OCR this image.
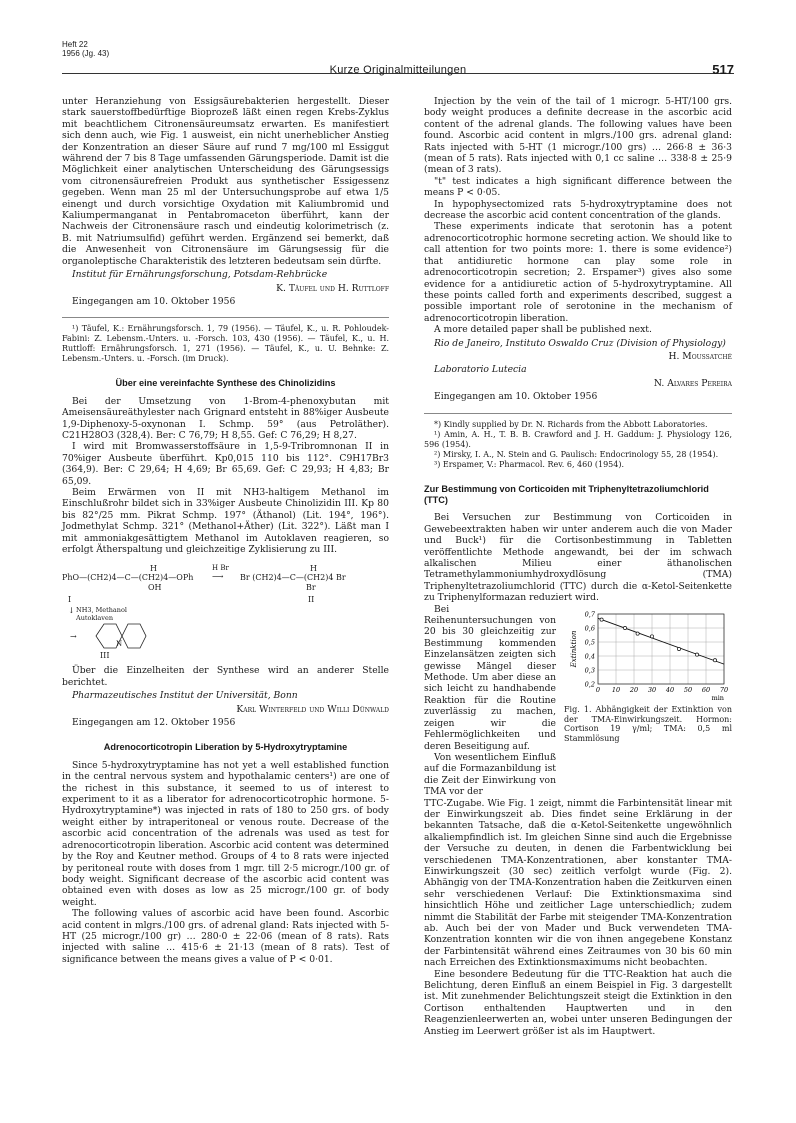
Heft 22
1956 (Jg. 43)
Kurze Originalmitteilungen	517

unter Heranziehung von Essigsäurebakterien hergestellt. Dieser stark sauerstoffbedürftige Bioprozeß läßt einen regen Krebs-Zyklus mit beachtlichem Citronensäureumsatz erwarten. Es manifestiert sich denn auch, wie Fig. 1 ausweist, ein nicht unerheblicher Anstieg der Konzentration an dieser Säure auf rund 7 mg/100 ml Essiggut während der 7 bis 8 Tage umfassenden Gärungsperiode. Damit ist die Möglichkeit einer analytischen Unterscheidung des Gärungsessigs vom citronensäurefreien Produkt aus synthetischer Essigessenz gegeben. Wenn man 25 ml der Untersuchungsprobe auf etwa 1/5 einengt und durch vorsichtige Oxydation mit Kaliumbromid und Kaliumpermanganat in Pentabromaceton überführt, kann der Nachweis der Citronensäure rasch und eindeutig kolorimetrisch (z. B. mit Natriumsulfid) geführt werden. Ergänzend sei bemerkt, daß die Anwesenheit von Citronensäure im Gärungsessig für die organoleptische Charakteristik des letzteren bedeutsam sein dürfte.

Institut für Ernährungsforschung, Potsdam-Rehbrücke

K. Täufel und H. Ruttloff
Eingegangen am 10. Oktober 1956

¹) Täufel, K.: Ernährungsforsch. 1, 79 (1956). — Täufel, K., u. R. Pohloudek-Fabini: Z. Lebensm.-Unters. u. -Forsch. 103, 430 (1956). — Täufel, K., u. H. Ruttloff: Ernährungsforsch. 1, 271 (1956). — Täufel, K., u. U. Behnke: Z. Lebensm.-Unters. u. -Forsch. (im Druck).

Über eine vereinfachte Synthese des Chinolizidins

Bei der Umsetzung von 1-Brom-4-phenoxybutan mit Ameisensäureäthylester nach Grignard entsteht in 88%iger Ausbeute 1,9-Diphenoxy-5-oxynonan I. Schmp. 59° (aus Petroläther). C21H28O3 (328,4). Ber: C 76,79; H 8,55. Gef: C 76,29; H 8,27.

I wird mit Bromwasserstoffsäure in 1,5-9-Tribromnonan II in 70%iger Ausbeute überführt. Kp0,015 110 bis 112°. C9H17Br3 (364,9). Ber: C 29,64; H 4,69; Br 65,69. Gef: C 29,93; H 4,83; Br 65,09.

Beim Erwärmen von II mit NH3-haltigem Methanol im Einschlußrohr bildet sich in 33%iger Ausbeute Chinolizidin III. Kp 80 bis 82°/25 mm. Pikrat Schmp. 197° (Äthanol) (Lit. 194°, 196°). Jodmethylat Schmp. 321° (Methanol+Äther) (Lit. 322°). Läßt man I mit ammoniakgesättigtem Methanol im Autoklaven reagieren, so erfolgt Ätherspaltung und gleichzeitige Zyklisierung zu III.

H
PhO—(CH2)4—C—(CH2)4—OPh
OH
H Br
⟶
H
Br (CH2)4—C—(CH2)4 Br
Br
I	II
↓ NH3, Methanol
Autoklaven
→
N
III

Über die Einzelheiten der Synthese wird an anderer Stelle berichtet.

Pharmazeutisches Institut der Universität, Bonn

Karl Winterfeld und Willi Dünwald
Eingegangen am 12. Oktober 1956
Adrenocorticotropin Liberation by 5-Hydroxytryptamine

Since 5-hydroxytryptamine has not yet a well established function in the central nervous system and hypothalamic centers¹) are one of the richest in this substance, it seemed to us of interest to experiment to it as a liberator for adrenocorticotrophic hormone. 5-Hydroxytryptamine*) was injected in rats of 180 to 250 grs. of body weight either by intraperitoneal or venous route. Decrease of the ascorbic acid concentration of the adrenals was used as test for adrenocorticotropin liberation. Ascorbic acid content was determined by the Roy and Keutner method. Groups of 4 to 8 rats were injected by peritoneal route with doses from 1 mgr. till 2·5 microgr./100 gr. of body weight. Significant decrease of the ascorbic acid content was obtained even with doses as low as 25 microgr./100 gr. of body weight.

The following values of ascorbic acid have been found. Ascorbic acid content in mlgrs./100 grs. of adrenal gland: Rats injected with 5-HT (25 microgr./100 gr) … 280·0 ± 22·06 (mean of 8 rats). Rats injected with saline … 415·6 ± 21·13 (mean of 8 rats). Test of significance between the means gives a value of P < 0·01.

Injection by the vein of the tail of 1 microgr. 5-HT/100 grs. body weight produces a definite decrease in the ascorbic acid content of the adrenal glands. The following values have been found. Ascorbic acid content in mlgrs./100 grs. adrenal gland: Rats injected with 5-HT (1 microgr./100 grs) … 266·8 ± 36·3 (mean of 5 rats). Rats injected with 0,1 cc saline … 338·8 ± 25·9 (mean of 3 rats).

"t" test indicates a high significant difference between the means P < 0·05.

In hypophysectomized rats 5-hydroxytryptamine does not decrease the ascorbic acid content concentration of the glands.

These experiments indicate that serotonin has a potent adrenocorticotrophic hormone secreting action. We should like to call attention for two points more: 1. there is some evidence²) that antidiuretic hormone can play some role in adrenocorticotropin secretion; 2. Erspamer³) gives also some evidence for a antidiuretic action of 5-hydroxytryptamine. All these points called forth and experiments described, suggest a possible important role of serotonine in the mechanism of adrenocorticotropin liberation.

A more detailed paper shall be published next.

Rio de Janeiro, Instituto Oswaldo Cruz (Division of Physiology)

H. Moussatché

Laboratorio Lutecia

N. Alvares Pereira
Eingegangen am 10. Oktober 1956

*) Kindly supplied by Dr. N. Richards from the Abbott Laboratories.

¹) Amin, A. H., T. B. B. Crawford and J. H. Gaddum: J. Physiology 126, 596 (1954).

²) Mirsky, I. A., N. Stein and G. Paulisch: Endocrinology 55, 28 (1954).

³) Erspamer, V.: Pharmacol. Rev. 6, 460 (1954).

Zur Bestimmung von Corticoiden mit Triphenyltetrazoliumchlorid (TTC)

Bei Versuchen zur Bestimmung von Corticoiden in Gewebeextrakten haben wir unter anderem auch die von Mader und Buck¹) für die Cortisonbestimmung in Tabletten veröffentlichte Methode angewandt, bei der im schwach alkalischen Milieu einer äthanolischen Tetramethylammoniumhydroxydlösung (TMA) Triphenyltetrazoliumchlorid (TTC) durch die α-Ketol-Seitenkette zu Triphenylformazan reduziert wird.

0,2
0,3
0,4
0,5
0,6
0,7
0 10 20 30 40 50 60 70
min
Extinktion
Fig. 1. Abhängigkeit der Extinktion von der TMA-Einwirkungszeit. Hormon: Cortison 19 γ/ml; TMA: 0,5 ml Stammlösung

Bei Reihenuntersuchungen von 20 bis 30 gleichzeitig zur Bestimmung kommenden Einzelansätzen zeigten sich gewisse Mängel dieser Methode. Um aber diese an sich leicht zu handhabende Reaktion für die Routine zuverlässig zu machen, zeigen wir die Fehlermöglichkeiten und deren Beseitigung auf.

Von wesentlichem Einfluß auf die Formazanbildung ist die Zeit der Einwirkung von TMA vor der

TTC-Zugabe. Wie Fig. 1 zeigt, nimmt die Farbintensität linear mit der Einwirkungszeit ab. Dies findet seine Erklärung in der bekannten Tatsache, daß die α-Ketol-Seitenkette ungewöhnlich alkaliempfindlich ist. Im gleichen Sinne sind auch die Ergebnisse der Versuche zu deuten, in denen die Farbentwicklung bei verschiedenen TMA-Konzentrationen, aber konstanter TMA-Einwirkungszeit (30 sec) zeitlich verfolgt wurde (Fig. 2). Abhängig von der TMA-Konzentration haben die Zeitkurven einen sehr verschiedenen Verlauf: Die Extinktionsmaxima sind hinsichtlich Höhe und zeitlicher Lage unterschiedlich; zudem nimmt die Stabilität der Farbe mit steigender TMA-Konzentration ab. Auch bei der von Mader und Buck verwendeten TMA-Konzentration konnten wir die von ihnen angegebene Konstanz der Farbintensität während eines Zeitraumes von 30 bis 60 min nach Erreichen des Extinktionsmaximums nicht beobachten.

Eine besondere Bedeutung für die TTC-Reaktion hat auch die Belichtung, deren Einfluß an einem Beispiel in Fig. 3 dargestellt ist. Mit zunehmender Belichtungszeit steigt die Extinktion in den Cortison enthaltenden Hauptwerten und in den Reagenzienleerwerten an, wobei unter unseren Bedingungen der Anstieg im Leerwert größer ist als im Hauptwert.
